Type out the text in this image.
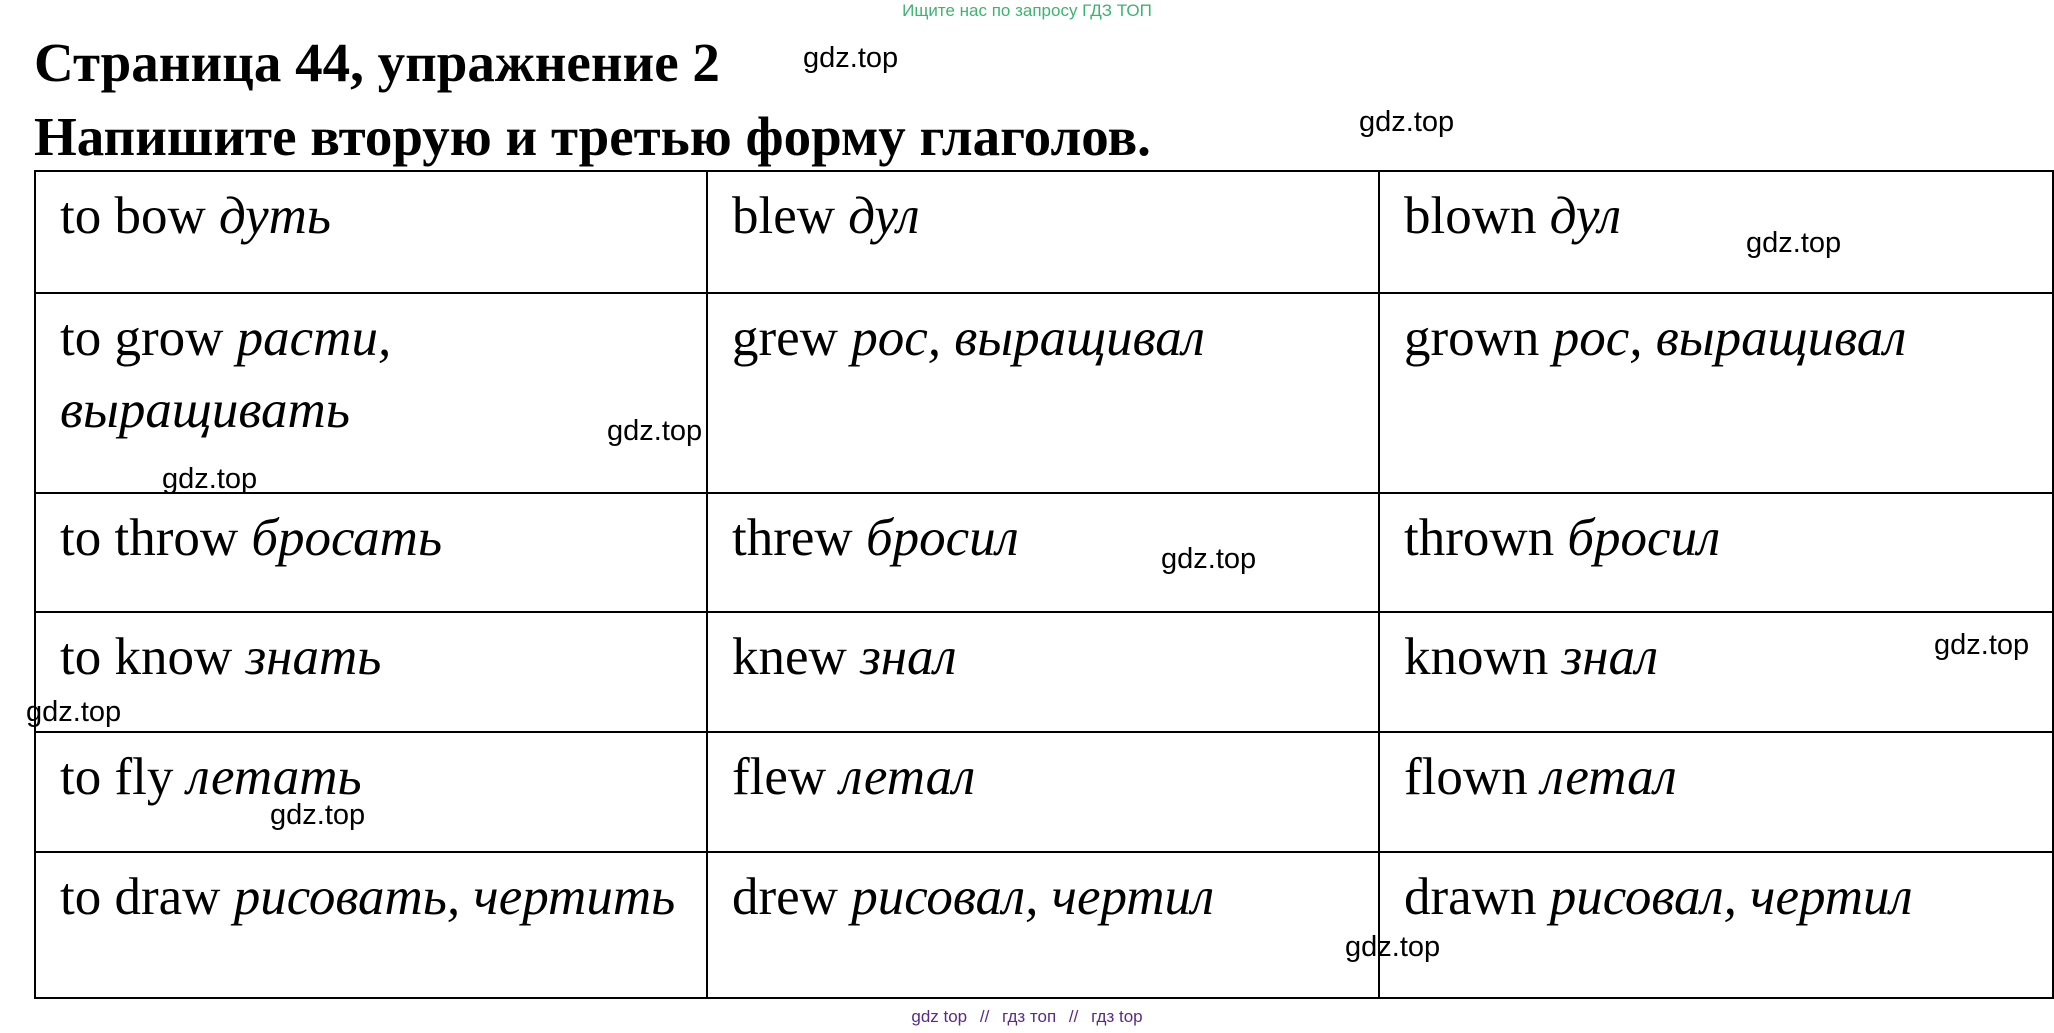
Ищите нас по запросу ГДЗ ТОП
Страница 44, упражнение 2
Напишите вторую и третью форму глаголов.
to bow дуть	blew дул	blown дул
to grow расти, выращивать	grew рос, выращивал	grown рос, выращивал
to throw бросать	threw бросил	thrown бросил
to know знать	knew знал	known знал
to fly летать	flew летал	flown летал
to draw рисовать, чертить	drew рисовал, чертил	drawn рисовал, чертил
gdz.top
gdz.top
gdz.top
gdz.top
gdz.top
gdz.top
gdz.top
gdz.top
gdz.top
gdz.top
gdz top // гдз топ // гдз top
